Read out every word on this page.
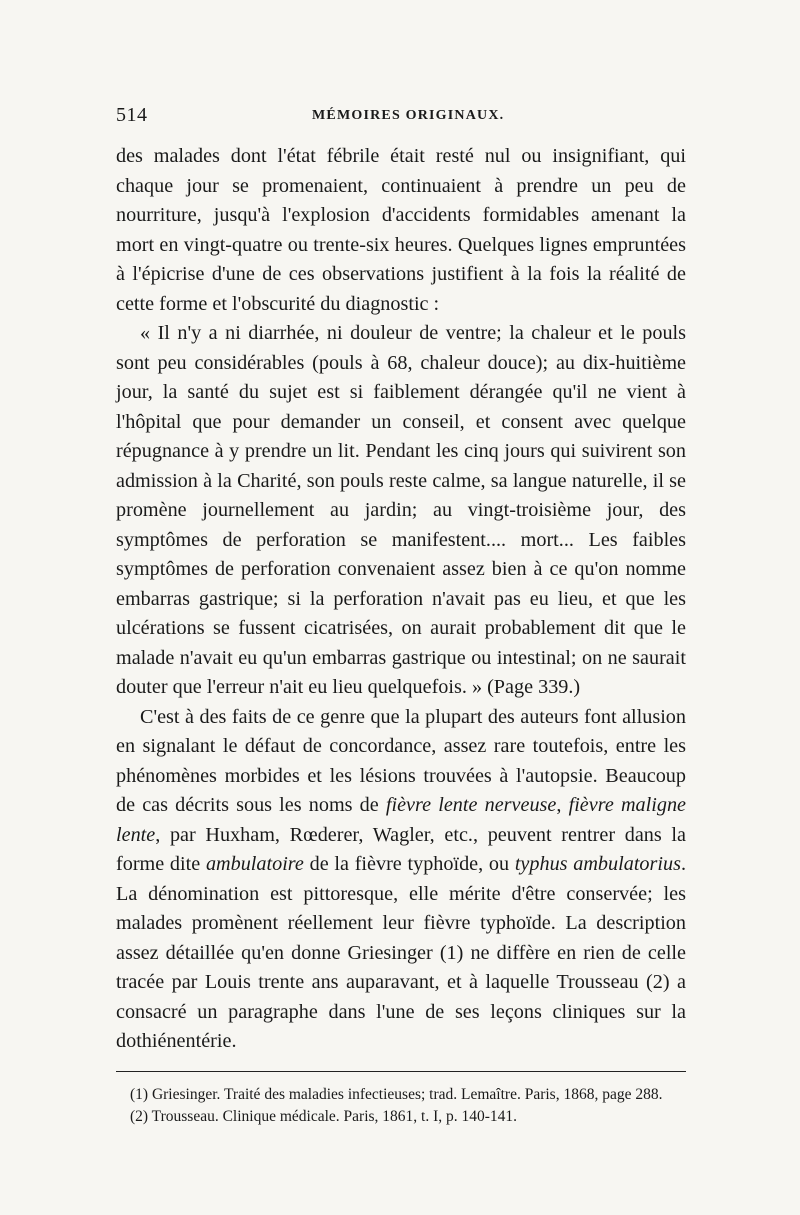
514	MÉMOIRES ORIGINAUX.

des malades dont l'état fébrile était resté nul ou insignifiant, qui chaque jour se promenaient, continuaient à prendre un peu de nourriture, jusqu'à l'explosion d'accidents formidables amenant la mort en vingt-quatre ou trente-six heures. Quelques lignes empruntées à l'épicrise d'une de ces observations justifient à la fois la réalité de cette forme et l'obscurité du diagnostic :

« Il n'y a ni diarrhée, ni douleur de ventre; la chaleur et le pouls sont peu considérables (pouls à 68, chaleur douce); au dix-huitième jour, la santé du sujet est si faiblement dérangée qu'il ne vient à l'hôpital que pour demander un conseil, et consent avec quelque répugnance à y prendre un lit. Pendant les cinq jours qui suivirent son admission à la Charité, son pouls reste calme, sa langue naturelle, il se promène journellement au jardin; au vingt-troisième jour, des symptômes de perforation se manifestent.... mort... Les faibles symptômes de perforation convenaient assez bien à ce qu'on nomme embarras gastrique; si la perforation n'avait pas eu lieu, et que les ulcérations se fussent cicatrisées, on aurait probablement dit que le malade n'avait eu qu'un embarras gastrique ou intestinal; on ne saurait douter que l'erreur n'ait eu lieu quelquefois. » (Page 339.)

C'est à des faits de ce genre que la plupart des auteurs font allusion en signalant le défaut de concordance, assez rare toutefois, entre les phénomènes morbides et les lésions trouvées à l'autopsie. Beaucoup de cas décrits sous les noms de fièvre lente nerveuse, fièvre maligne lente, par Huxham, Rœderer, Wagler, etc., peuvent rentrer dans la forme dite ambulatoire de la fièvre typhoïde, ou typhus ambulatorius. La dénomination est pittoresque, elle mérite d'être conservée; les malades promènent réellement leur fièvre typhoïde. La description assez détaillée qu'en donne Griesinger (1) ne diffère en rien de celle tracée par Louis trente ans auparavant, et à laquelle Trousseau (2) a consacré un paragraphe dans l'une de ses leçons cliniques sur la dothiénentérie.

(1) Griesinger. Traité des maladies infectieuses; trad. Lemaître. Paris, 1868, page 288.

(2) Trousseau. Clinique médicale. Paris, 1861, t. I, p. 140-141.
